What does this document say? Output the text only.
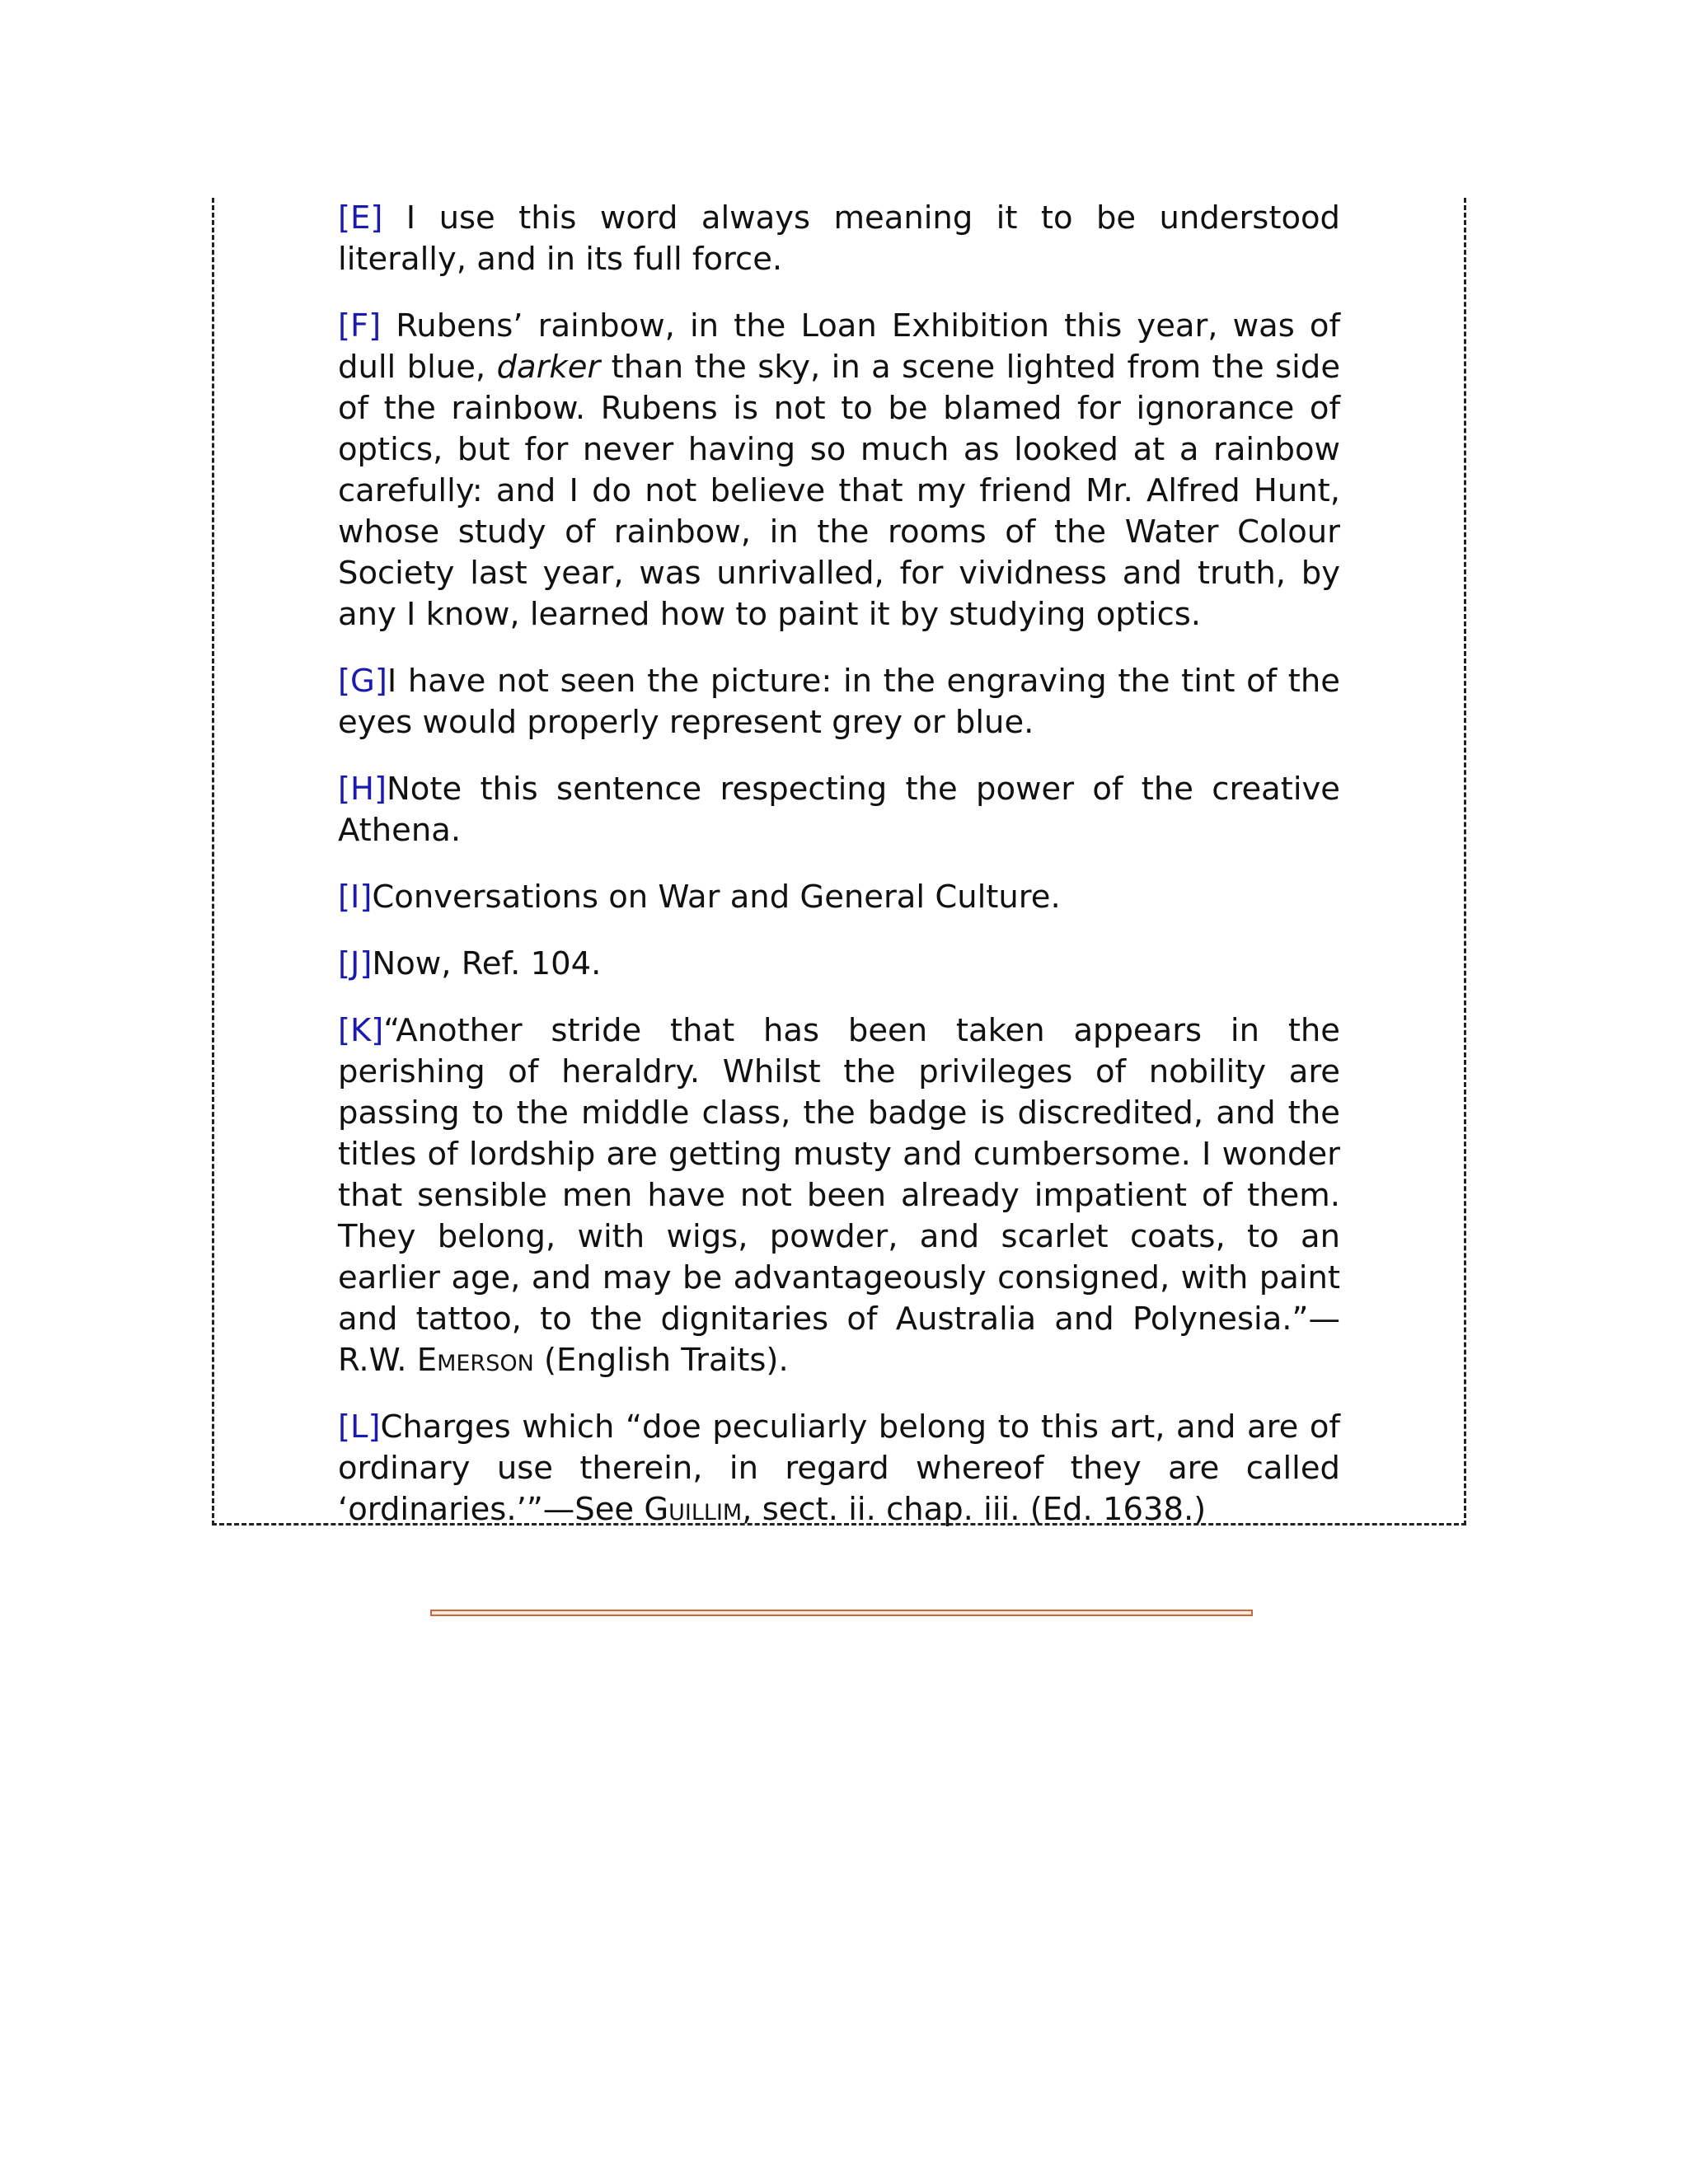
[E] I use this word always meaning it to be understood literally, and in its full force.

[F] Rubens’ rainbow, in the Loan Exhibition this year, was of dull blue, darker than the sky, in a scene lighted from the side of the rainbow. Rubens is not to be blamed for ignorance of optics, but for never having so much as looked at a rainbow carefully: and I do not believe that my friend Mr. Alfred Hunt, whose study of rainbow, in the rooms of the Water Colour Society last year, was unrivalled, for vividness and truth, by any I know, learned how to paint it by studying optics.

[G]I have not seen the picture: in the engraving the tint of the eyes would properly represent grey or blue.

[H]Note this sentence respecting the power of the creative Athena.

[I]Conversations on War and General Culture.

[J]Now, Ref. 104.

[K]“Another stride that has been taken appears in the perishing of heraldry. Whilst the privileges of nobility are passing to the middle class, the badge is discredited, and the titles of lordship are getting musty and cumbersome. I wonder that sensible men have not been already impatient of them. They belong, with wigs, powder, and scarlet coats, to an earlier age, and may be advantageously consigned, with paint and tattoo, to the dignitaries of Australia and Polynesia.”—R.W. Emerson (English Traits).

[L]Charges which “doe peculiarly belong to this art, and are of ordinary use therein, in regard whereof they are called ‘ordinaries.’”—See Guillim, sect. ii. chap. iii. (Ed. 1638.)
